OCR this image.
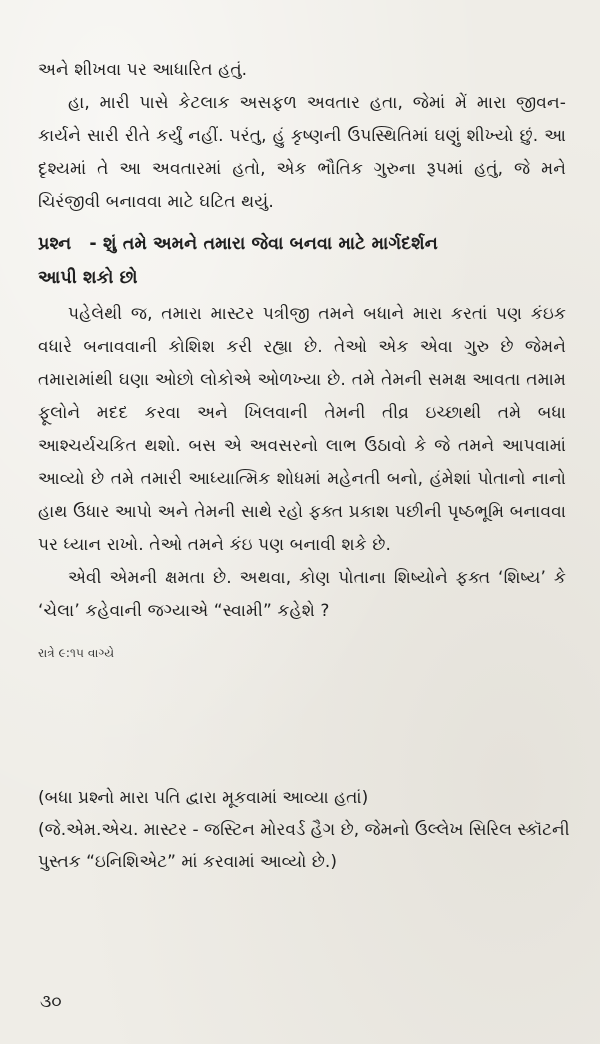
અને શીખવા પર આધારિત હતું.

હા, મારી પાસે કેટલાક અસફળ અવતાર હતા, જેમાં મેં મારા જીવન-કાર્યને સારી રીતે કર્યું નહીં. પરંતુ, હું કૃષ્ણની ઉપસ્થિતિમાં ઘણું શીખ્યો છું. આ દૃશ્યમાં તે આ અવતારમાં હતો, એક ભૌતિક ગુરુના રૂપમાં હતું, જે મને ચિરંજીવી બનાવવા માટે ઘટિત થયું.

પ્રશ્ન - શું તમે અમને તમારા જેવા બનવા માટે માર્ગદર્શન
આપી શકો છો

પહેલેથી જ, તમારા માસ્ટર પત્રીજી તમને બધાને મારા કરતાં પણ કંઇક વધારે બનાવવાની કોશિશ કરી રહ્યા છે. તેઓ એક એવા ગુરુ છે જેમને તમારામાંથી ઘણા ઓછો લોકોએ ઓળખ્યા છે. તમે તેમની સમક્ષ આવતા તમામ ફૂલોને મદદ કરવા અને ખિલવાની તેમની તીવ્ર ઇચ્છાથી તમે બધા આશ્ચર્યચકિત થશો. બસ એ અવસરનો લાભ ઉઠાવો કે જે તમને આપવામાં આવ્યો છે તમે તમારી આધ્યાત્મિક શોધમાં મહેનતી બનો, હંમેશાં પોતાનો નાનો હાથ ઉધાર આપો અને તેમની સાથે રહો ફક્ત પ્રકાશ પછીની પૃષ્ઠભૂમિ બનાવવા પર ધ્યાન રાખો. તેઓ તમને કંઇ પણ બનાવી શકે છે.

એવી એમની ક્ષમતા છે. અથવા, કોણ પોતાના શિષ્યોને ફક્ત ‘શિષ્ય’ કે ‘ચેલા’ કહેવાની જગ્યાએ “સ્વામી” કહેશે ?

રાત્રે ૯:૧૫ વાગ્યે

(બધા પ્રશ્નો મારા પતિ દ્વારા મૂકવામાં આવ્યા હતાં)

(જે.એમ.એચ. માસ્ટર - જસ્ટિન મોરવર્ડ હૈગ છે, જેમનો ઉલ્લેખ સિરિલ સ્કૉટની પુસ્તક “ઇનિશિએટ” માં કરવામાં આવ્યો છે.)

૩૦
